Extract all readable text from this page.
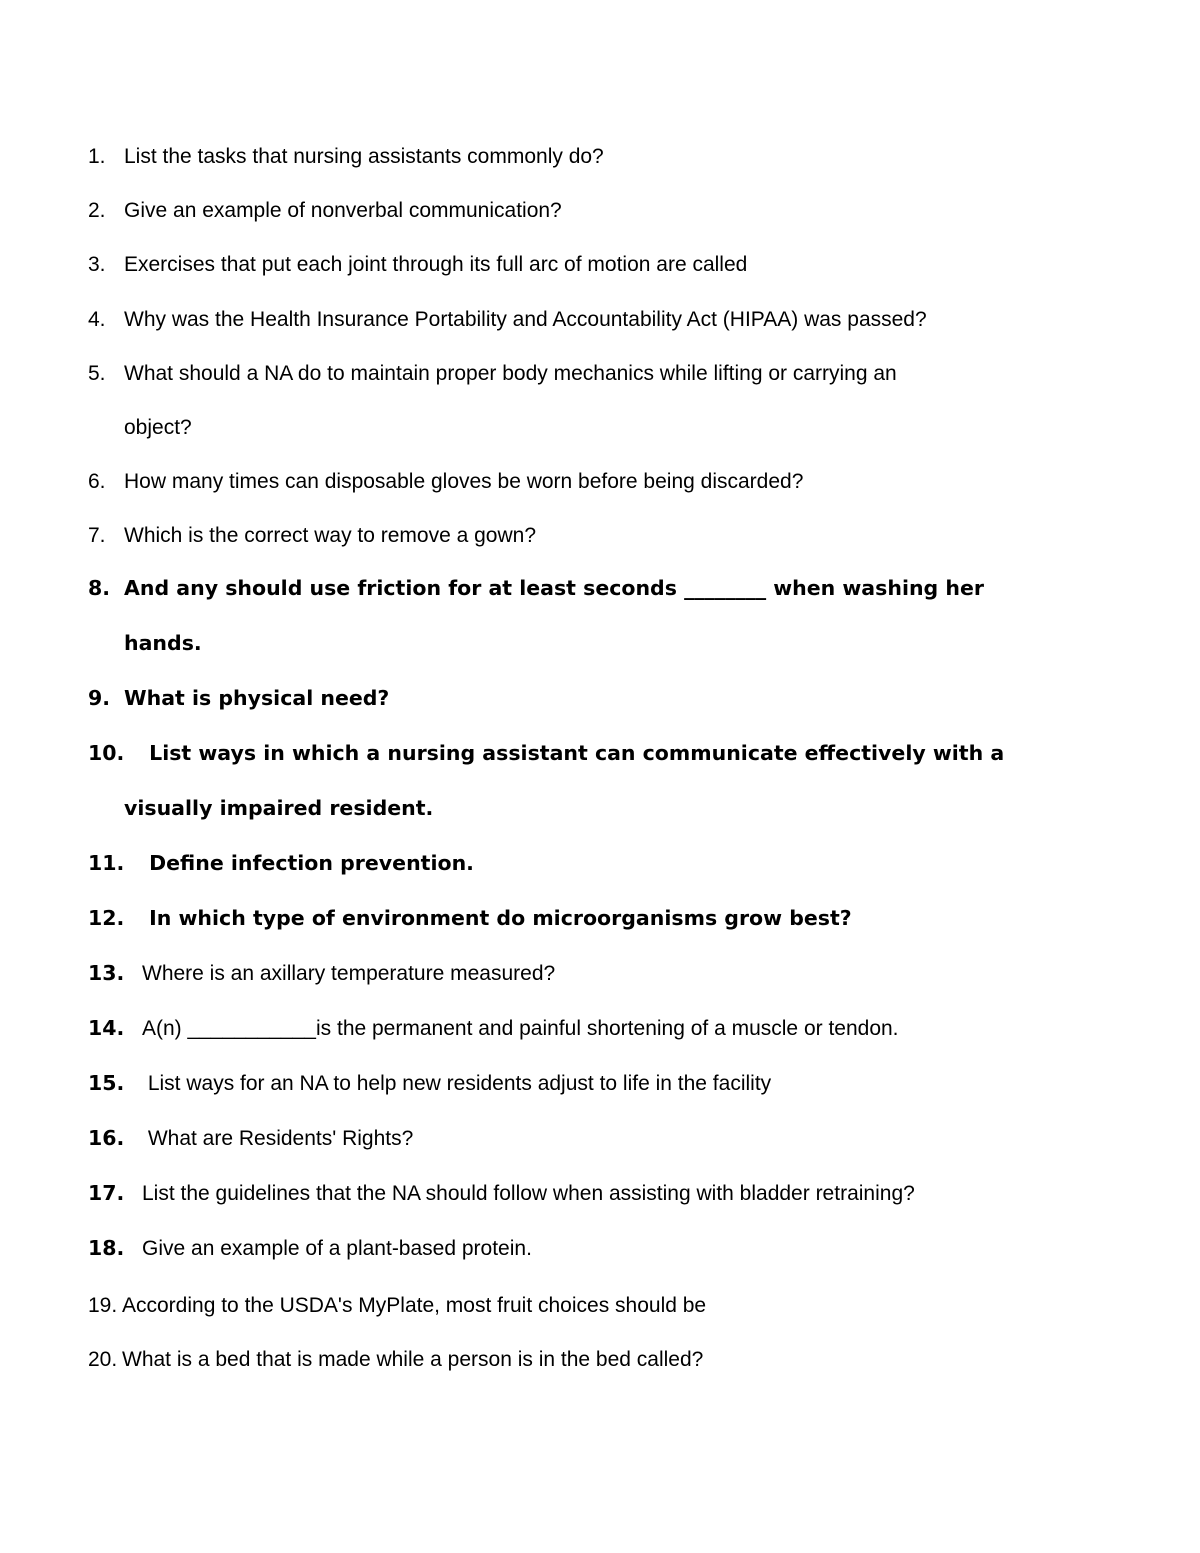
1. List the tasks that nursing assistants commonly do?
2. Give an example of nonverbal communication?
3. Exercises that put each joint through its full arc of motion are called
4. Why was the Health Insurance Portability and Accountability Act (HIPAA) was passed?
5. What should a NA do to maintain proper body mechanics while lifting or carrying an
object?
6. How many times can disposable gloves be worn before being discarded?
7. Which is the correct way to remove a gown?
8. And any should use friction for at least seconds ________ when washing her
hands.
9. What is physical need?
10. List ways in which a nursing assistant can communicate effectively with a
visually impaired resident.
11. Define infection prevention.
12. In which type of environment do microorganisms grow best?
13. Where is an axillary temperature measured?
14. A(n) ___________is the permanent and painful shortening of a muscle or tendon.
15. List ways for an NA to help new residents adjust to life in the facility
16. What are Residents' Rights?
17. List the guidelines that the NA should follow when assisting with bladder retraining?
18. Give an example of a plant-based protein.
19. According to the USDA's MyPlate, most fruit choices should be
20. What is a bed that is made while a person is in the bed called?
